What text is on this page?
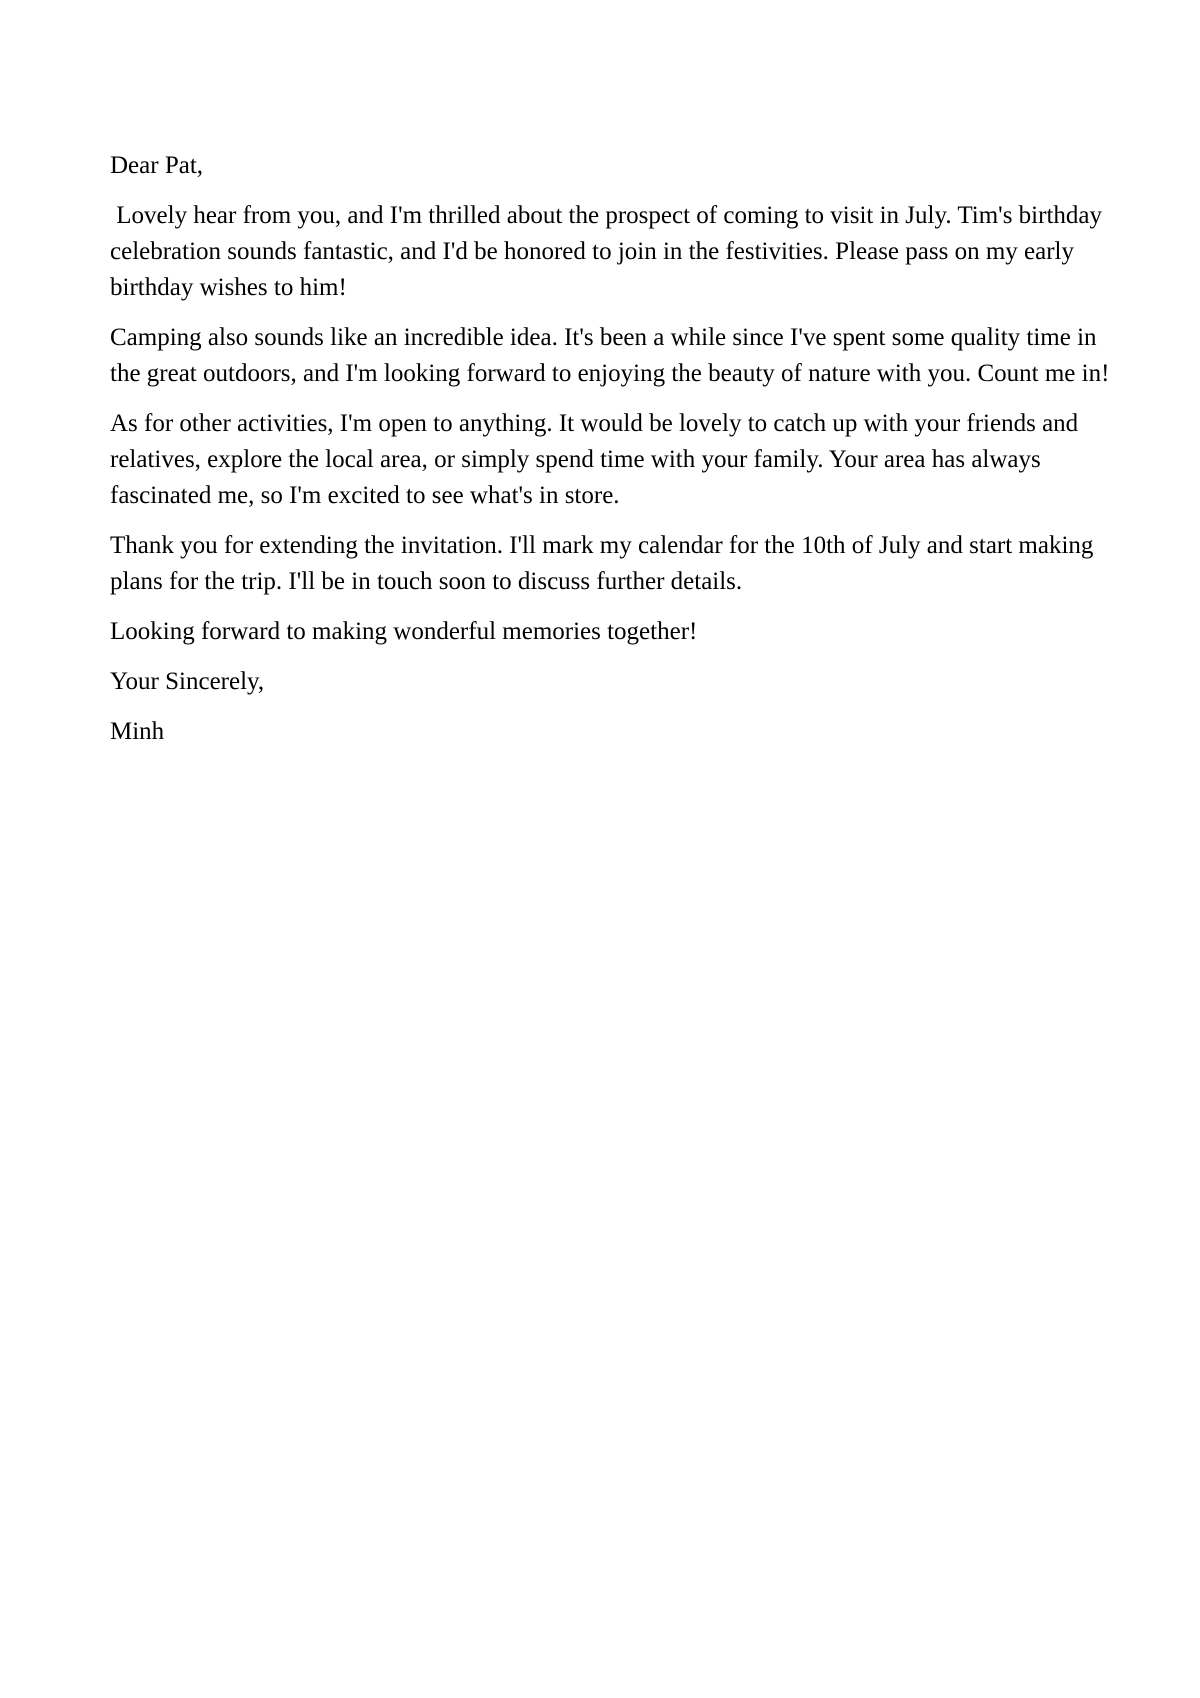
Dear Pat,

Lovely hear from you, and I'm thrilled about the prospect of coming to visit in July. Tim's birthday celebration sounds fantastic, and I'd be honored to join in the festivities. Please pass on my early birthday wishes to him!

Camping also sounds like an incredible idea. It's been a while since I've spent some quality time in the great outdoors, and I'm looking forward to enjoying the beauty of nature with you. Count me in!

As for other activities, I'm open to anything. It would be lovely to catch up with your friends and relatives, explore the local area, or simply spend time with your family. Your area has always fascinated me, so I'm excited to see what's in store.

Thank you for extending the invitation. I'll mark my calendar for the 10th of July and start making plans for the trip. I'll be in touch soon to discuss further details.

Looking forward to making wonderful memories together!

Your Sincerely,

Minh
